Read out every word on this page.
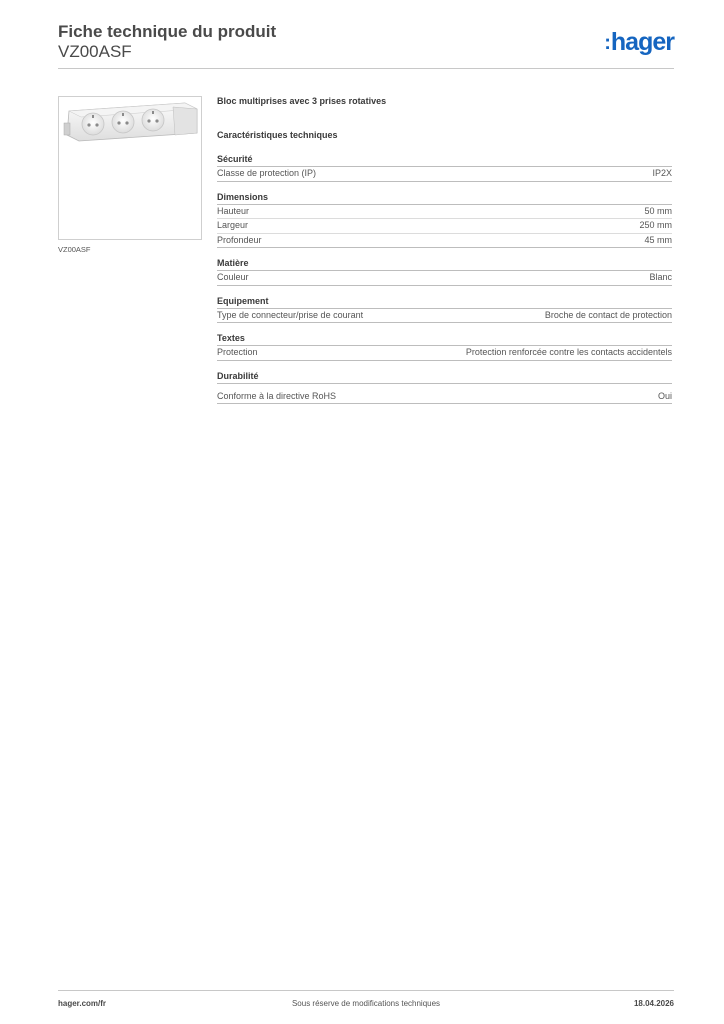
Fiche technique du produit
VZ00ASF	:hager
VZ00ASF

Bloc multiprises avec 3 prises rotatives

Caractéristiques techniques

Sécurité
Classe de protection (IP)	IP2X
Dimensions
Hauteur	50 mm
Largeur	250 mm
Profondeur	45 mm
Matière
Couleur	Blanc
Equipement
Type de connecteur/prise de courant	Broche de contact de protection
Textes
Protection	Protection renforcée contre les contacts accidentels
Durabilité
Conforme à la directive RoHS	Oui
Sous réserve de modifications techniques
hager.com/fr	18.04.2026
